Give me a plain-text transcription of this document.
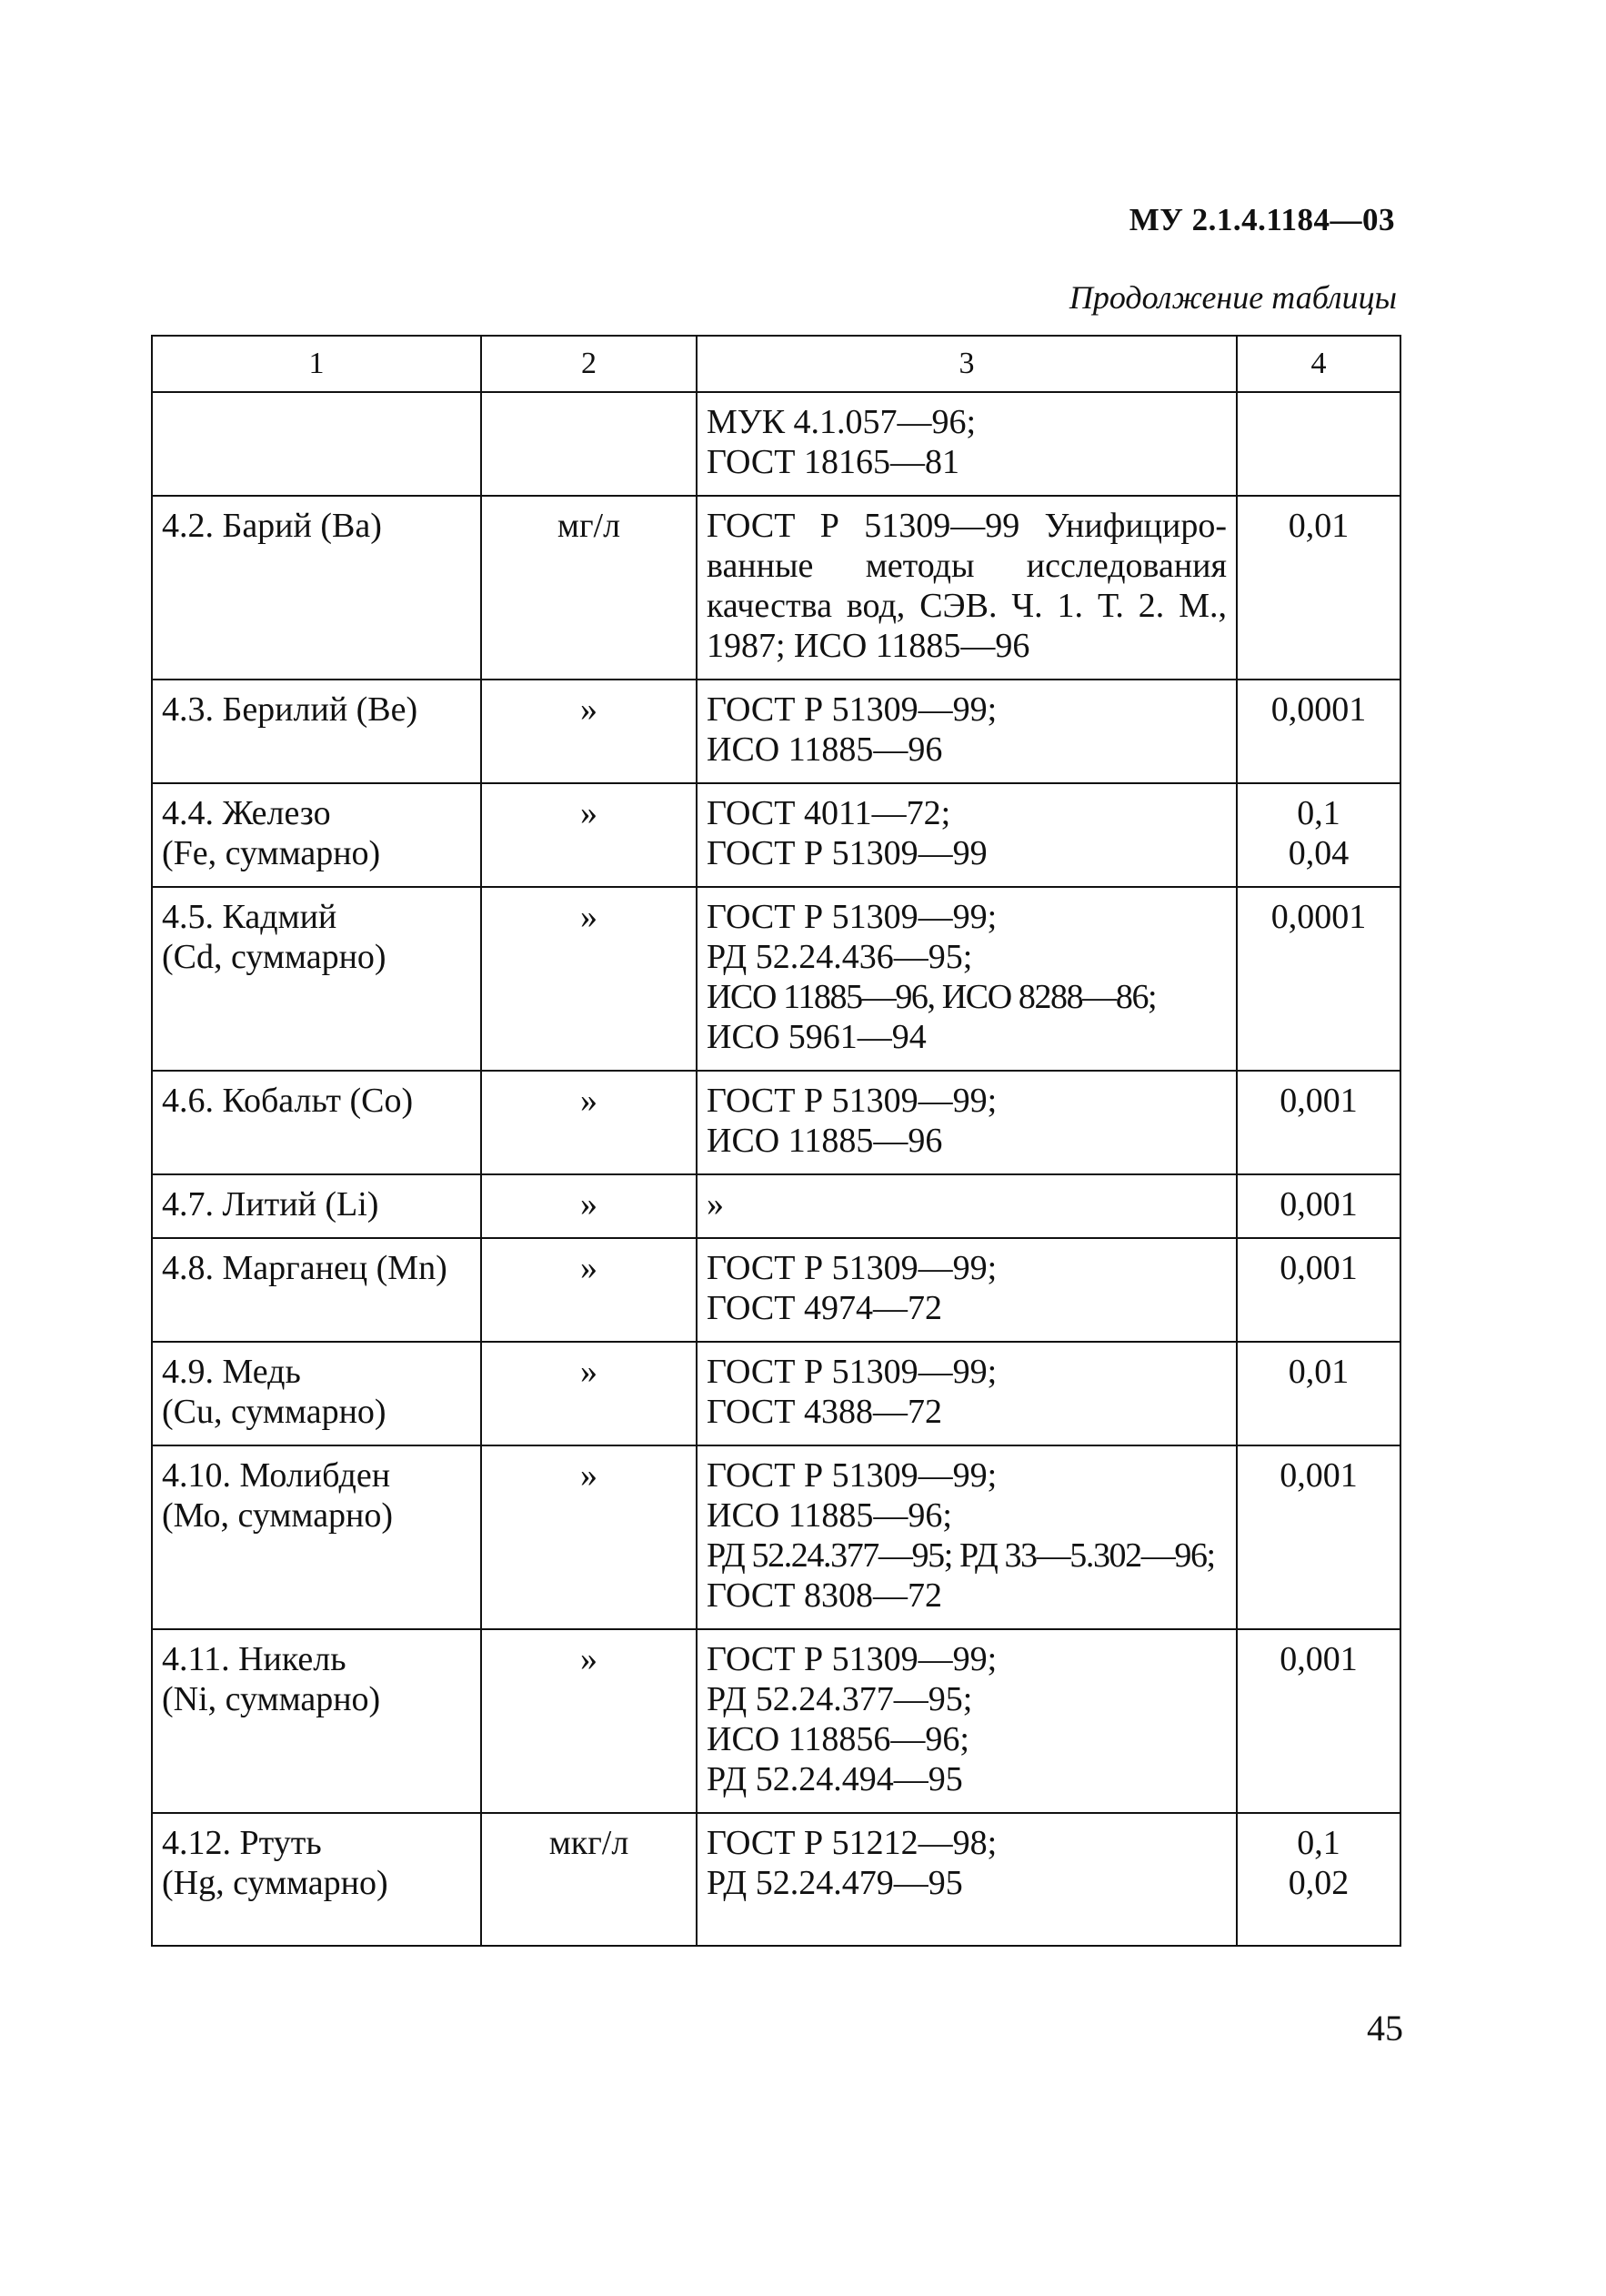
МУ 2.1.4.1184—03
Продолжение таблицы
1	2	3	4

		МУК 4.1.057—96;
ГОСТ 18165—81	

4.2. Барий (Ва)	мг/л	ГОСТ Р 51309—99 Унифициро-
ванные методы исследования
качества вод, СЭВ. Ч. 1. Т. 2. М.,
1987; ИСО 11885—96	0,01

4.3. Берилий (Be)	»	ГОСТ Р 51309—99;
ИСО 11885—96	0,0001

4.4. Железо
(Fe, суммарно)	»	ГОСТ 4011—72;
ГОСТ Р 51309—99	0,1
0,04

4.5. Кадмий
(Cd, суммарно)	»	ГОСТ Р 51309—99;
РД 52.24.436—95;
ИСО 11885—96, ИСО 8288—86;
ИСО 5961—94	0,0001

4.6. Кобальт (Со)	»	ГОСТ Р 51309—99;
ИСО 11885—96	0,001

4.7. Литий (Li)	»	»	0,001

4.8. Марганец (Mn)	»	ГОСТ Р 51309—99;
ГОСТ 4974—72	0,001

4.9. Медь
(Cu, суммарно)	»	ГОСТ Р 51309—99;
ГОСТ 4388—72	0,01

4.10. Молибден
(Мо, суммарно)	»	ГОСТ Р 51309—99;
ИСО 11885—96;
РД 52.24.377—95; РД 33—5.302—96;
ГОСТ 8308—72	0,001

4.11. Никель
(Ni, суммарно)	»	ГОСТ Р 51309—99;
РД 52.24.377—95;
ИСО 118856—96;
РД 52.24.494—95	0,001

4.12. Ртуть
(Hg, суммарно)	мкг/л	ГОСТ Р 51212—98;
РД 52.24.479—95	0,1
0,02
45
